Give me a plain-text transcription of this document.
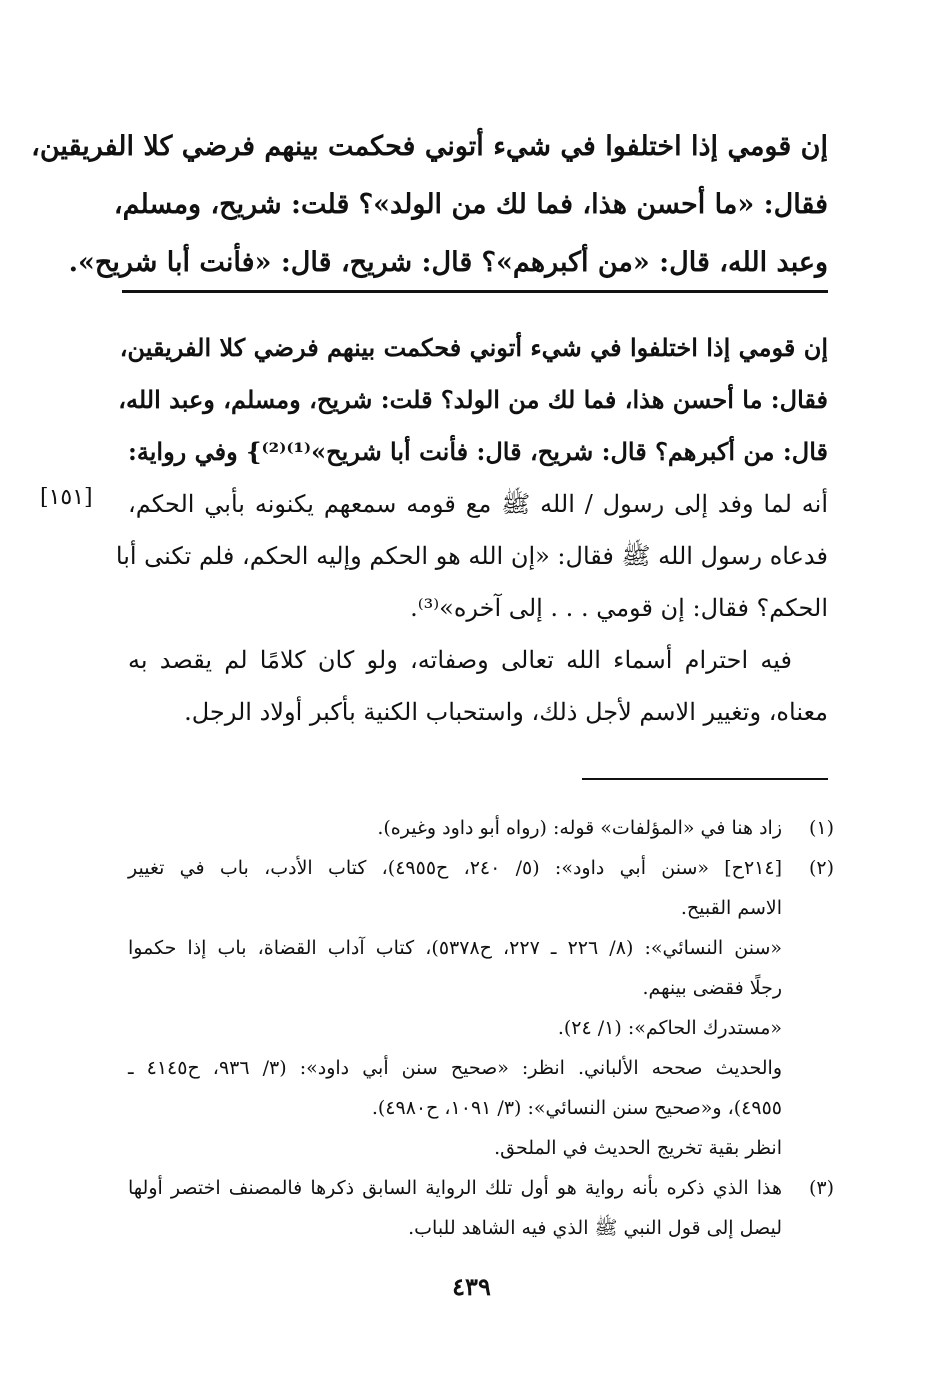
إن قومي إذا اختلفوا في شيء أتوني فحكمت بينهم فرضي كلا الفريقين،
فقال: «ما أحسن هذا، فما لك من الولد»؟ قلت: شريح، ومسلم،
وعبد الله، قال: «من أكبرهم»؟ قال: شريح، قال: «فأنت أبا شريح».
إن قومي إذا اختلفوا في شيء أتوني فحكمت بينهم فرضي كلا الفريقين،
فقال: ما أحسن هذا، فما لك من الولد؟ قلت: شريح، ومسلم، وعبد الله،
قال: من أكبرهم؟ قال: شريح، قال: فأنت أبا شريح»⁽¹⁾⁽²⁾} وفي رواية:
أنه لما وفد إلى رسول / الله ﷺ مع قومه سمعهم يكنونه بأبي الحكم،
فدعاه رسول الله ﷺ فقال: «إن الله هو الحكم وإليه الحكم، فلم تكنى أبا
الحكم؟ فقال: إن قومي . . . إلى آخره»⁽³⁾.
فيه احترام أسماء الله تعالى وصفاته، ولو كان كلامًا لم يقصد به
معناه، وتغيير الاسم لأجل ذلك، واستحباب الكنية بأكبر أولاد الرجل.
[١٥١]
(١)
زاد هنا في «المؤلفات» قوله: (رواه أبو داود وغيره).
(٢)
[٢١٤ح] «سنن أبي داود»: (٥/ ٢٤٠، ح٤٩٥٥)، كتاب الأدب، باب في تغيير
الاسم القبيح.
«سنن النسائي»: (٨/ ٢٢٦ ـ ٢٢٧، ح٥٣٧٨)، كتاب آداب القضاة، باب إذا حكموا
رجلًا فقضى بينهم.
«مستدرك الحاكم»: (١/ ٢٤).
والحديث صححه الألباني. انظر: «صحيح سنن أبي داود»: (٣/ ٩٣٦، ح٤١٤٥ ـ
٤٩٥٥)، و«صحيح سنن النسائي»: (٣/ ١٠٩١، ح٤٩٨٠).
انظر بقية تخريج الحديث في الملحق.
(٣)
هذا الذي ذكره بأنه رواية هو أول تلك الرواية السابق ذكرها فالمصنف اختصر أولها
ليصل إلى قول النبي ﷺ الذي فيه الشاهد للباب.
٤٣٩
